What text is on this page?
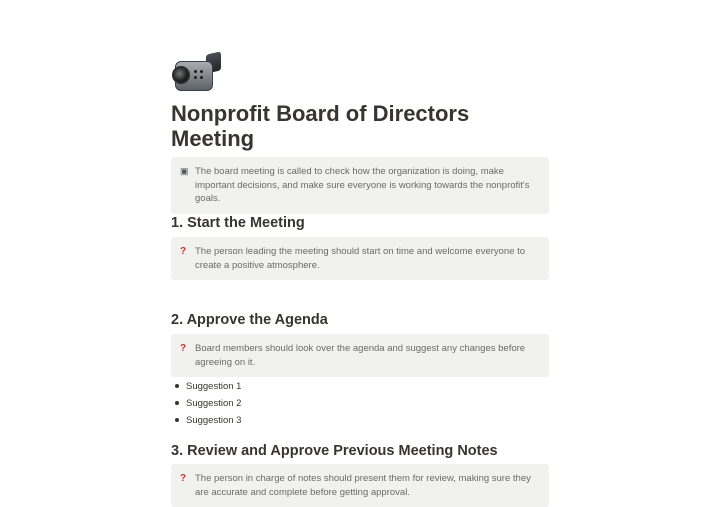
Nonprofit Board of Directors Meeting
▣ The board meeting is called to check how the organization is doing, make important decisions, and make sure everyone is working towards the nonprofit's goals.
1. Start the Meeting
? The person leading the meeting should start on time and welcome everyone to create a positive atmosphere.
2. Approve the Agenda
? Board members should look over the agenda and suggest any changes before agreeing on it.
Suggestion 1
Suggestion 2
Suggestion 3
3. Review and Approve Previous Meeting Notes
? The person in charge of notes should present them for review, making sure they are accurate and complete before getting approval.
